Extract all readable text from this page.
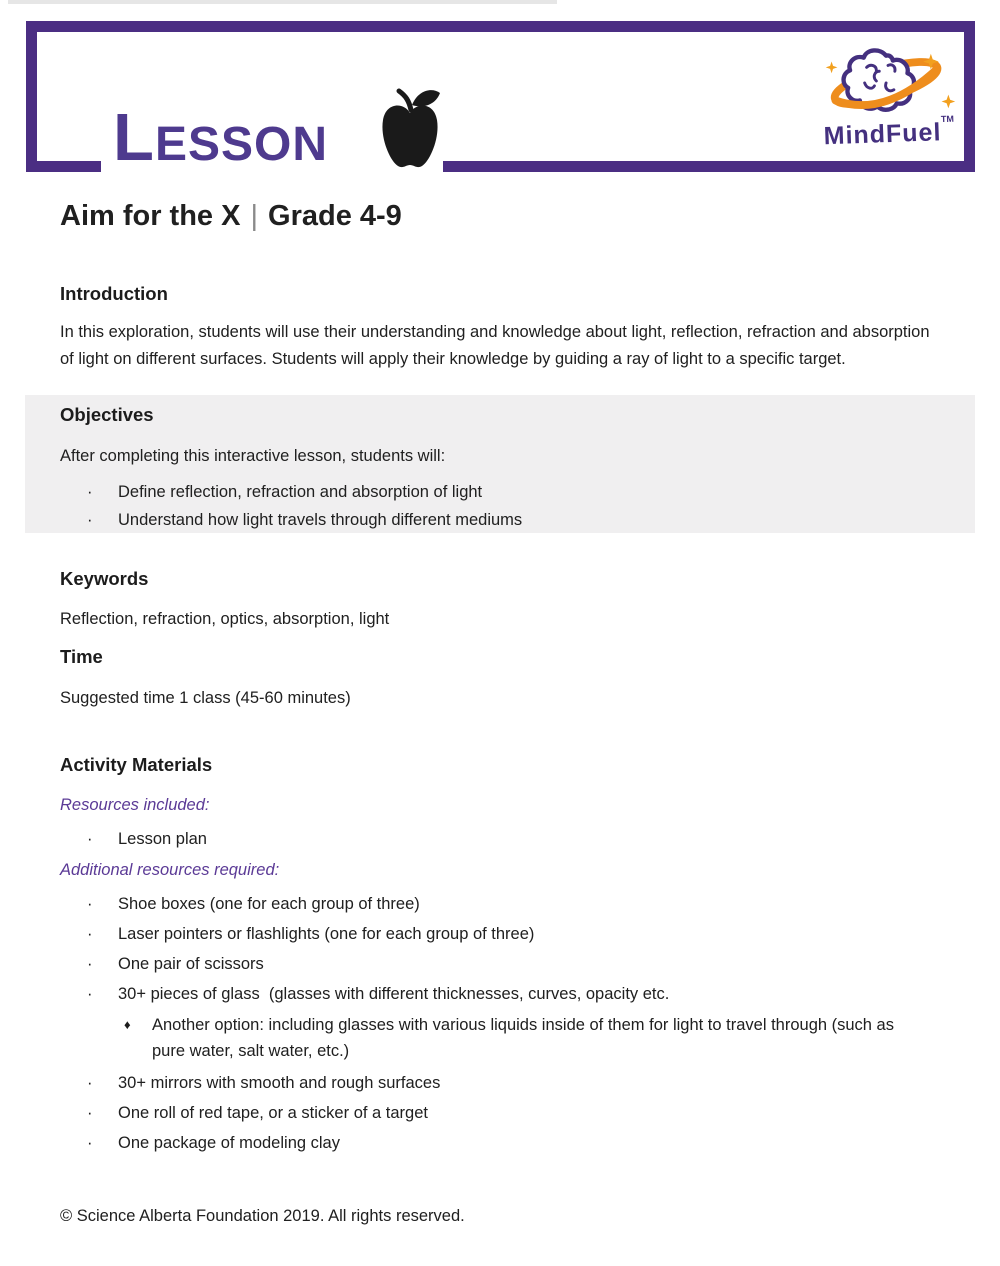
LESSON	MindFuel™
Aim for the X | Grade 4-9
Introduction

In this exploration, students will use their understanding and knowledge about light, reflection, refraction and absorption of light on different surfaces. Students will apply their knowledge by guiding a ray of light to a specific target.

Objectives

After completing this interactive lesson, students will:

·	Define reflection, refraction and absorption of light
·	Understand how light travels through different mediums
Keywords

Reflection, refraction, optics, absorption, light

Time

Suggested time 1 class (45-60 minutes)

Activity Materials

Resources included:

·	Lesson plan

Additional resources required:

·	Shoe boxes (one for each group of three)
·	Laser pointers or flashlights (one for each group of three)
·	One pair of scissors
·	30+ pieces of glass  (glasses with different thicknesses, curves, opacity etc.
♦	Another option: including glasses with various liquids inside of them for light to travel through (such as pure water, salt water, etc.)
·	30+ mirrors with smooth and rough surfaces
·	One roll of red tape, or a sticker of a target
·	One package of modeling clay

© Science Alberta Foundation 2019. All rights reserved.
